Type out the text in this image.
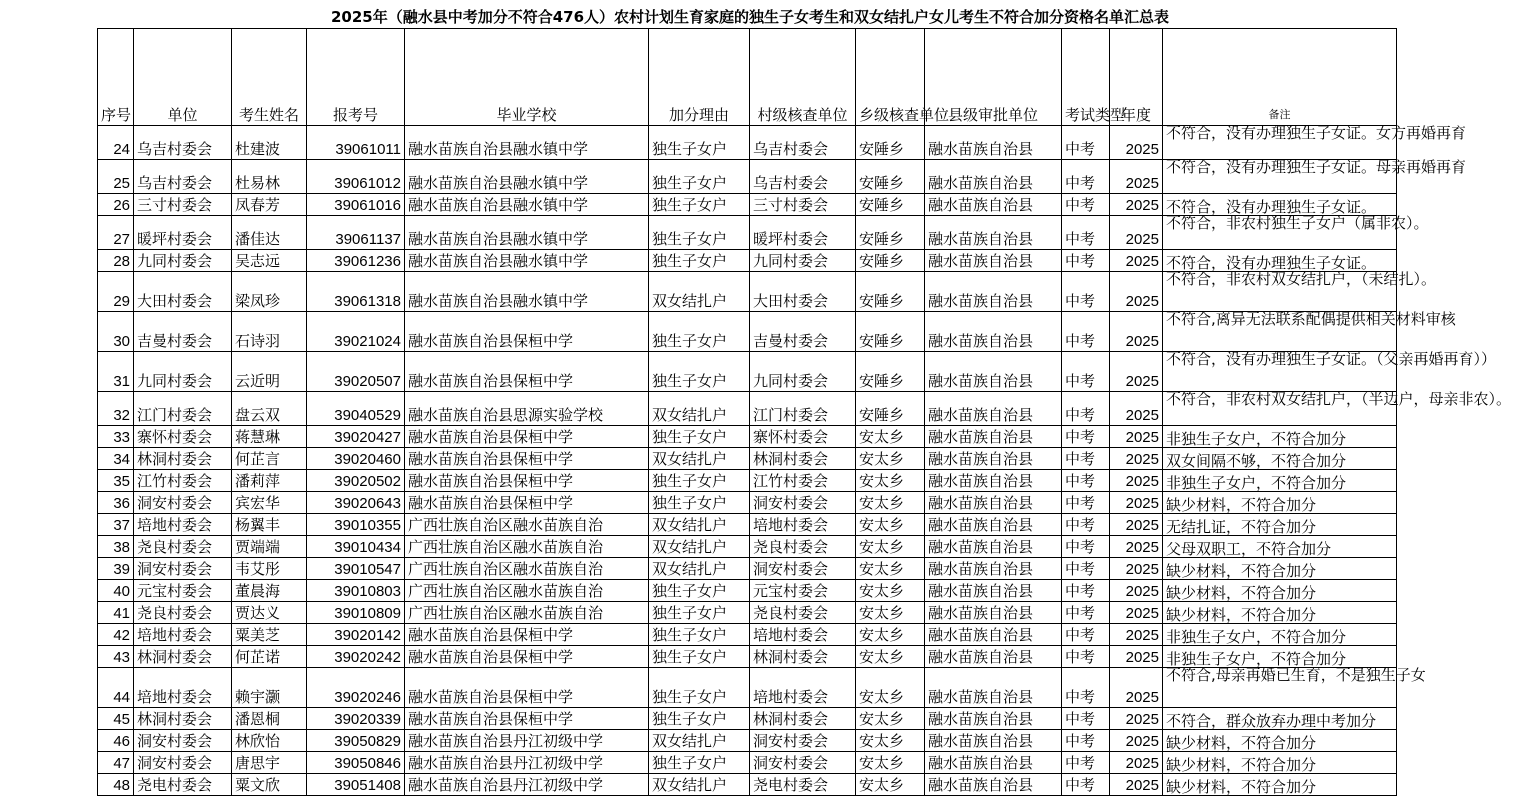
2025年（融水县中考加分不符合476人）农村计划生育家庭的独生子女考生和双女结扎户女儿考生不符合加分资格名单汇总表
序号	单位	考生姓名	报考号	毕业学校	加分理由	村级核查单位	乡级核查单位	县级审批单位	考试类型	年度	备注
24	乌吉村委会	杜建波	39061011	融水苗族自治县融水镇中学	独生子女户	乌吉村委会	安陲乡	融水苗族自治县	中考	2025	不符合，没有办理独生子女证。女方再婚再育
25	乌吉村委会	杜易林	39061012	融水苗族自治县融水镇中学	独生子女户	乌吉村委会	安陲乡	融水苗族自治县	中考	2025	不符合，没有办理独生子女证。母亲再婚再育
26	三寸村委会	凤春芳	39061016	融水苗族自治县融水镇中学	独生子女户	三寸村委会	安陲乡	融水苗族自治县	中考	2025	不符合，没有办理独生子女证。
27	暖坪村委会	潘佳达	39061137	融水苗族自治县融水镇中学	独生子女户	暖坪村委会	安陲乡	融水苗族自治县	中考	2025	不符合，非农村独生子女户（属非农）。
28	九同村委会	吴志远	39061236	融水苗族自治县融水镇中学	独生子女户	九同村委会	安陲乡	融水苗族自治县	中考	2025	不符合，没有办理独生子女证。
29	大田村委会	梁凤珍	39061318	融水苗族自治县融水镇中学	双女结扎户	大田村委会	安陲乡	融水苗族自治县	中考	2025	不符合，非农村双女结扎户，（未结扎）。
30	吉曼村委会	石诗羽	39021024	融水苗族自治县保桓中学	独生子女户	吉曼村委会	安陲乡	融水苗族自治县	中考	2025	不符合,离异无法联系配偶提供相关材料审核
31	九同村委会	云近明	39020507	融水苗族自治县保桓中学	独生子女户	九同村委会	安陲乡	融水苗族自治县	中考	2025	不符合，没有办理独生子女证。（父亲再婚再育））
32	江门村委会	盘云双	39040529	融水苗族自治县思源实验学校	双女结扎户	江门村委会	安陲乡	融水苗族自治县	中考	2025	不符合，非农村双女结扎户，（半边户，母亲非农）。
33	寨怀村委会	蒋慧琳	39020427	融水苗族自治县保桓中学	独生子女户	寨怀村委会	安太乡	融水苗族自治县	中考	2025	非独生子女户，不符合加分
34	林洞村委会	何芷言	39020460	融水苗族自治县保桓中学	双女结扎户	林洞村委会	安太乡	融水苗族自治县	中考	2025	双女间隔不够，不符合加分
35	江竹村委会	潘莉萍	39020502	融水苗族自治县保桓中学	独生子女户	江竹村委会	安太乡	融水苗族自治县	中考	2025	非独生子女户，不符合加分
36	洞安村委会	宾宏华	39020643	融水苗族自治县保桓中学	独生子女户	洞安村委会	安太乡	融水苗族自治县	中考	2025	缺少材料，不符合加分
37	培地村委会	杨翼丰	39010355	广西壮族自治区融水苗族自治	双女结扎户	培地村委会	安太乡	融水苗族自治县	中考	2025	无结扎证，不符合加分
38	尧良村委会	贾端端	39010434	广西壮族自治区融水苗族自治	双女结扎户	尧良村委会	安太乡	融水苗族自治县	中考	2025	父母双职工，不符合加分
39	洞安村委会	韦艾彤	39010547	广西壮族自治区融水苗族自治	双女结扎户	洞安村委会	安太乡	融水苗族自治县	中考	2025	缺少材料，不符合加分
40	元宝村委会	董晨海	39010803	广西壮族自治区融水苗族自治	独生子女户	元宝村委会	安太乡	融水苗族自治县	中考	2025	缺少材料，不符合加分
41	尧良村委会	贾达义	39010809	广西壮族自治区融水苗族自治	独生子女户	尧良村委会	安太乡	融水苗族自治县	中考	2025	缺少材料，不符合加分
42	培地村委会	粟美芝	39020142	融水苗族自治县保桓中学	独生子女户	培地村委会	安太乡	融水苗族自治县	中考	2025	非独生子女户，不符合加分
43	林洞村委会	何芷诺	39020242	融水苗族自治县保桓中学	独生子女户	林洞村委会	安太乡	融水苗族自治县	中考	2025	非独生子女户，不符合加分
44	培地村委会	赖宇灏	39020246	融水苗族自治县保桓中学	独生子女户	培地村委会	安太乡	融水苗族自治县	中考	2025	不符合,母亲再婚已生育，不是独生子女
45	林洞村委会	潘恩桐	39020339	融水苗族自治县保桓中学	独生子女户	林洞村委会	安太乡	融水苗族自治县	中考	2025	不符合，群众放弃办理中考加分
46	洞安村委会	林欣怡	39050829	融水苗族自治县丹江初级中学	双女结扎户	洞安村委会	安太乡	融水苗族自治县	中考	2025	缺少材料，不符合加分
47	洞安村委会	唐思宇	39050846	融水苗族自治县丹江初级中学	独生子女户	洞安村委会	安太乡	融水苗族自治县	中考	2025	缺少材料，不符合加分
48	尧电村委会	粟文欣	39051408	融水苗族自治县丹江初级中学	双女结扎户	尧电村委会	安太乡	融水苗族自治县	中考	2025	缺少材料，不符合加分
